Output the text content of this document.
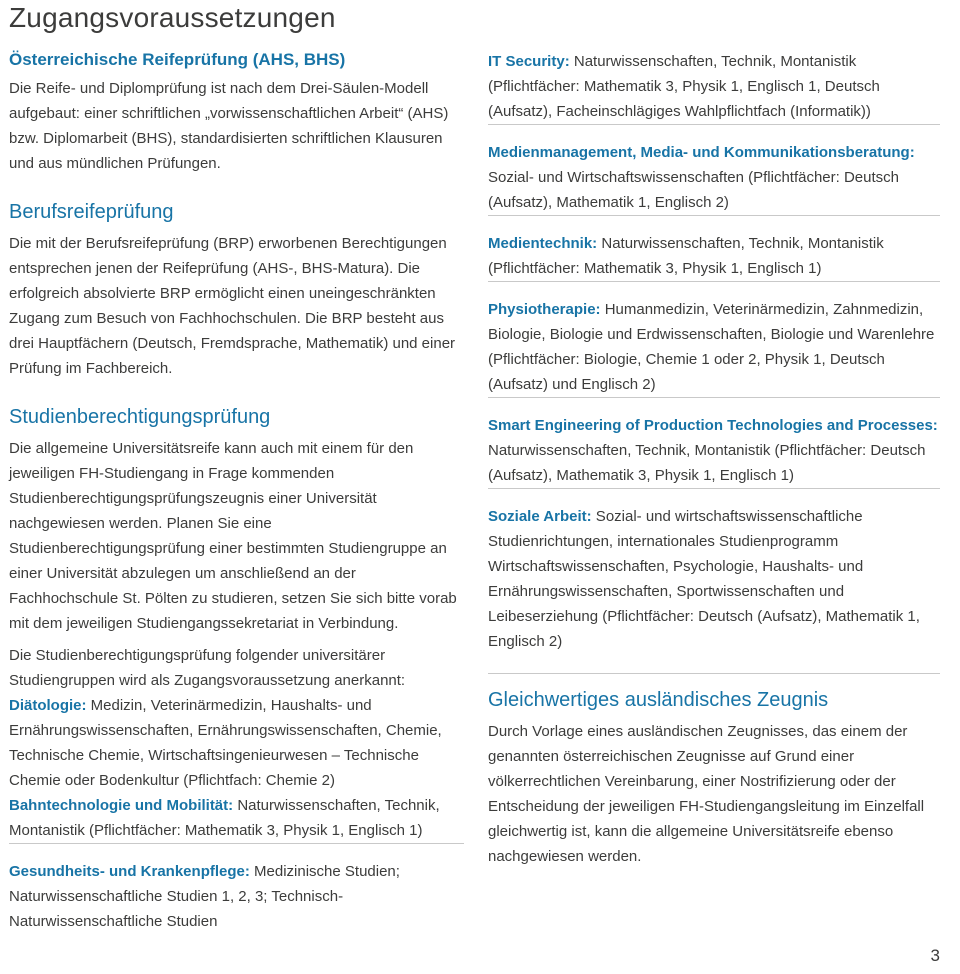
Zugangsvoraussetzungen
Österreichische Reifeprüfung (AHS, BHS)

Die Reife- und Diplomprüfung ist nach dem Drei-Säulen-Modell aufgebaut: einer schriftlichen „vorwissenschaftlichen Arbeit“ (AHS) bzw. Diplomarbeit (BHS), standardisierten schriftlichen Klausuren und aus mündlichen Prüfungen.

Berufsreifeprüfung

Die mit der Berufsreifeprüfung (BRP) erworbenen Berechtigungen entsprechen jenen der Reifeprüfung (AHS-, BHS-Matura). Die erfolgreich absolvierte BRP ermöglicht einen uneingeschränkten Zugang zum Besuch von Fachhochschulen. Die BRP besteht aus drei Hauptfächern (Deutsch, Fremdsprache, Mathematik) und einer Prüfung im Fachbereich.

Studienberechtigungsprüfung

Die allgemeine Universitätsreife kann auch mit einem für den jeweiligen FH-Studiengang in Frage kommenden Studienberechtigungsprüfungszeugnis einer Universität nachgewiesen werden. Planen Sie eine Studienberechtigungsprüfung einer bestimmten Studiengruppe an einer Universität abzulegen um anschließend an der Fachhochschule St. Pölten zu studieren, setzen Sie sich bitte vorab mit dem jeweiligen Studiengangssekretariat in Verbindung.

Die Studienberechtigungsprüfung folgender universitärer Studiengruppen wird als Zugangsvoraussetzung anerkannt:

Diätologie: Medizin, Veterinärmedizin, Haushalts- und Ernährungswissenschaften, Ernährungswissenschaften, Chemie, Technische Chemie, Wirtschaftsingenieurwesen – Technische Chemie oder Bodenkultur (Pflichtfach: Chemie 2)

Bahntechnologie und Mobilität: Naturwissenschaften, Technik, Montanistik (Pflichtfächer: Mathematik 3, Physik 1, Englisch 1)

Gesundheits- und Krankenpflege: Medizinische Studien; Naturwissenschaftliche Studien 1, 2, 3; Technisch-Naturwissenschaftliche Studien

IT Security: Naturwissenschaften, Technik, Montanistik (Pflichtfächer: Mathematik 3, Physik 1, Englisch 1, Deutsch (Aufsatz), Facheinschlägiges Wahlpflichtfach (Informatik))

Medienmanagement, Media- und Kommunikationsberatung: Sozial- und Wirtschaftswissenschaften (Pflichtfächer: Deutsch (Aufsatz), Mathematik 1, Englisch 2)

Medientechnik: Naturwissenschaften, Technik, Montanistik (Pflichtfächer: Mathematik 3, Physik 1, Englisch 1)

Physiotherapie: Humanmedizin, Veterinärmedizin, Zahnmedizin, Biologie, Biologie und Erdwissenschaften, Biologie und Warenlehre (Pflichtfächer: Biologie, Chemie 1 oder 2, Physik 1, Deutsch (Aufsatz) und Englisch 2)

Smart Engineering of Production Technologies and Processes: Naturwissenschaften, Technik, Montanistik (Pflichtfächer: Deutsch (Aufsatz), Mathematik 3, Physik 1, Englisch 1)

Soziale Arbeit: Sozial- und wirtschaftswissenschaftliche Studienrichtungen, internationales Studienprogramm Wirtschaftswissenschaften, Psychologie, Haushalts- und Ernährungswissenschaften, Sportwissenschaften und Leibeserziehung (Pflichtfächer: Deutsch (Aufsatz), Mathematik 1, Englisch 2)

Gleichwertiges ausländisches Zeugnis

Durch Vorlage eines ausländischen Zeugnisses, das einem der genannten österreichischen Zeugnisse auf Grund einer völkerrechtlichen Vereinbarung, einer Nostrifizierung oder der Entscheidung der jeweiligen FH-Studiengangsleitung im Einzelfall gleichwertig ist, kann die allgemeine Universitätsreife ebenso nachgewiesen werden.

3
